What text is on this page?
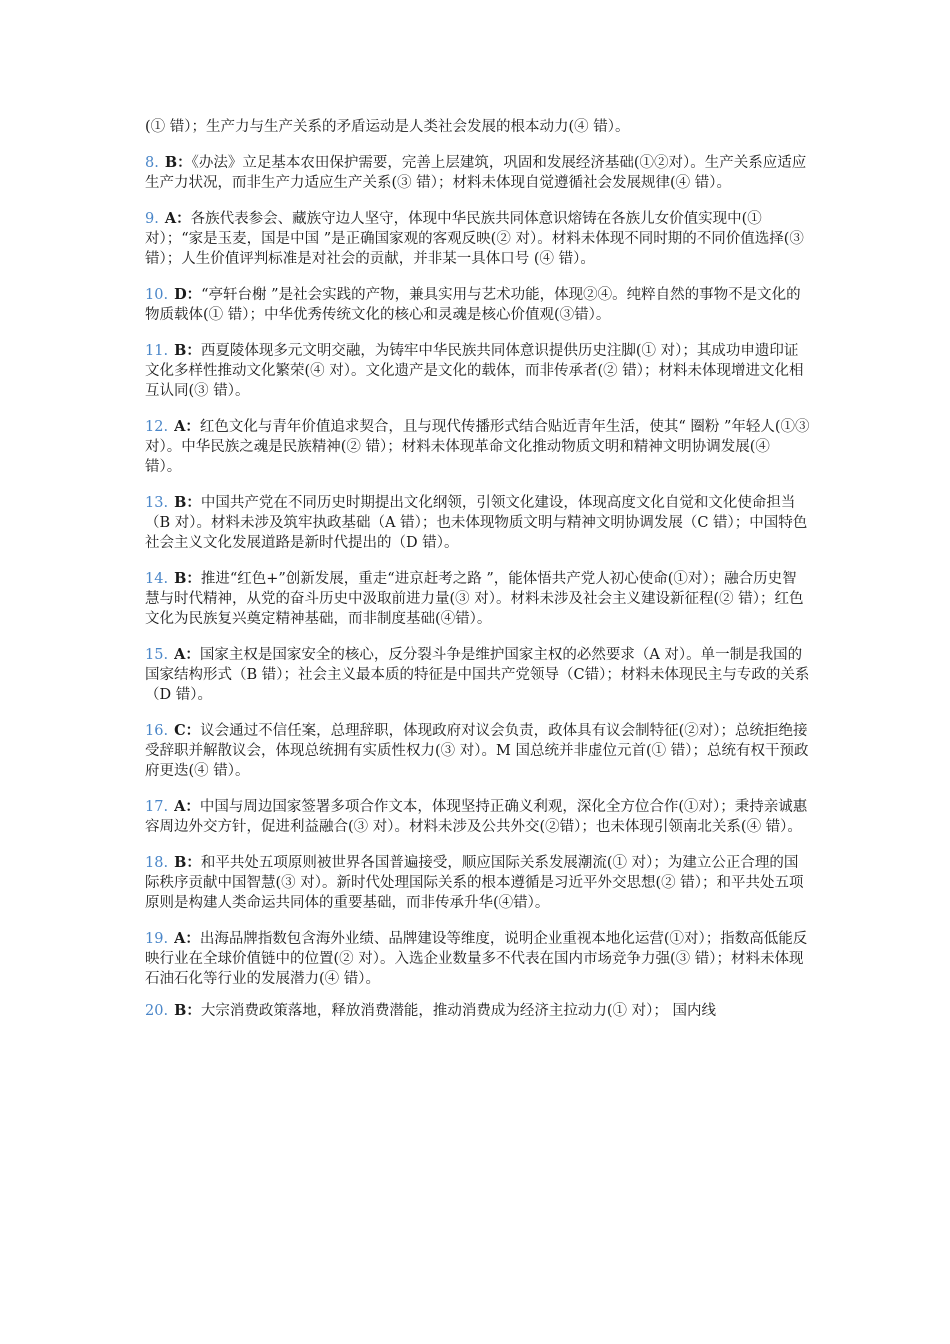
(① 错）；生产力与生产关系的矛盾运动是人类社会发展的根本动力(④ 错）。

8. B：《办法》立足基本农田保护需要，完善上层建筑，巩固和发展经济基础(①②对）。生产关系应适应生产力状况，而非生产力适应生产关系(③ 错）；材料未体现自觉遵循社会发展规律(④ 错）。
9. A：各族代表参会、藏族守边人坚守，体现中华民族共同体意识熔铸在各族儿女价值实现中(① 对）；“家是玉麦，国是中国 ”是正确国家观的客观反映(② 对）。材料未体现不同时期的不同价值选择(③ 错）；人生价值评判标准是对社会的贡献，并非某一具体口号 (④ 错）。
10. D：“亭轩台榭 ”是社会实践的产物，兼具实用与艺术功能，体现②④。纯粹自然的事物不是文化的物质载体(① 错）；中华优秀传统文化的核心和灵魂是核心价值观(③错）。
11. B：西夏陵体现多元文明交融，为铸牢中华民族共同体意识提供历史注脚(① 对）；其成功申遗印证文化多样性推动文化繁荣(④ 对）。文化遗产是文化的载体，而非传承者(② 错）；材料未体现增进文化相互认同(③ 错）。
12. A：红色文化与青年价值追求契合，且与现代传播形式结合贴近青年生活，使其“ 圈粉 ”年轻人(①③ 对）。中华民族之魂是民族精神(② 错）；材料未体现革命文化推动物质文明和精神文明协调发展(④ 错）。
13. B：中国共产党在不同历史时期提出文化纲领，引领文化建设，体现高度文化自觉和文化使命担当（B 对）。材料未涉及筑牢执政基础（A 错）；也未体现物质文明与精神文明协调发展（C 错）；中国特色社会主义文化发展道路是新时代提出的（D 错）。
14. B：推进“红色+”创新发展，重走“进京赶考之路 ”，能体悟共产党人初心使命(①对）；融合历史智慧与时代精神，从党的奋斗历史中汲取前进力量(③ 对）。材料未涉及社会主义建设新征程(② 错）；红色文化为民族复兴奠定精神基础，而非制度基础(④错）。
15. A：国家主权是国家安全的核心，反分裂斗争是维护国家主权的必然要求（A 对）。单一制是我国的国家结构形式（B 错）；社会主义最本质的特征是中国共产党领导（C错）；材料未体现民主与专政的关系（D 错）。
16. C：议会通过不信任案，总理辞职，体现政府对议会负责，政体具有议会制特征(②对）；总统拒绝接受辞职并解散议会，体现总统拥有实质性权力(③ 对）。M 国总统并非虚位元首(① 错）；总统有权干预政府更迭(④ 错）。
17. A：中国与周边国家签署多项合作文本，体现坚持正确义利观，深化全方位合作(①对）；秉持亲诚惠容周边外交方针，促进利益融合(③ 对）。材料未涉及公共外交(②错）；也未体现引领南北关系(④ 错）。
18. B：和平共处五项原则被世界各国普遍接受，顺应国际关系发展潮流(① 对）；为建立公正合理的国际秩序贡献中国智慧(③ 对）。新时代处理国际关系的根本遵循是习近平外交思想(② 错）；和平共处五项原则是构建人类命运共同体的重要基础，而非传承升华(④错）。
19. A：出海品牌指数包含海外业绩、品牌建设等维度，说明企业重视本地化运营(①对）；指数高低能反映行业在全球价值链中的位置(② 对）。入选企业数量多不代表在国内市场竞争力强(③ 错）；材料未体现石油石化等行业的发展潜力(④ 错）。
20. B：大宗消费政策落地，释放消费潜能，推动消费成为经济主拉动力(① 对）； 国内线
